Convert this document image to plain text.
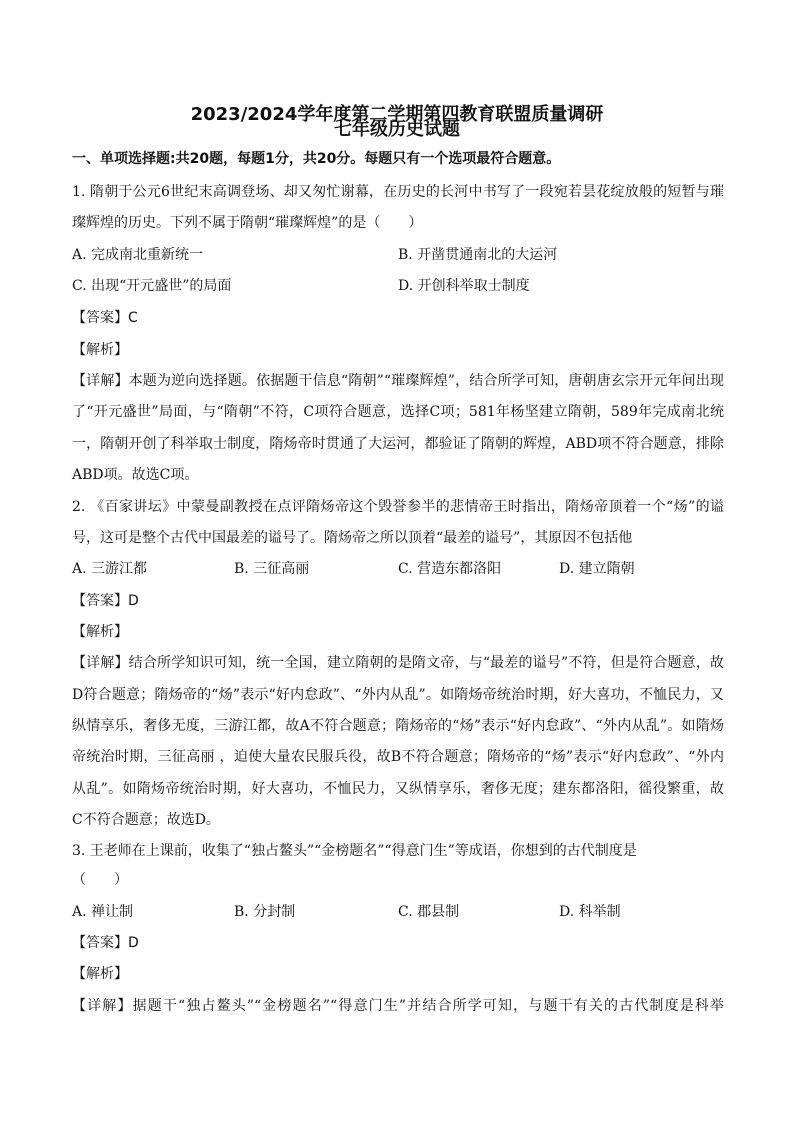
2023/2024学年度第二学期第四教育联盟质量调研
七年级历史试题
一、单项选择题:共20题，每题1分，共20分。每题只有一个选项最符合题意。
1. 隋朝于公元6世纪末高调登场、却又匆忙谢幕，在历史的长河中书写了一段宛若昙花绽放般的短暂与璀
璨辉煌的历史。下列不属于隋朝“璀璨辉煌”的是（　　）
A. 完成南北重新统一	B. 开凿贯通南北的大运河
C. 出现“开元盛世”的局面	D. 开创科举取士制度
【答案】C
【解析】
【详解】本题为逆向选择题。依据题干信息“隋朝”“璀璨辉煌”，结合所学可知，唐朝唐玄宗开元年间出现
了“开元盛世”局面，与“隋朝”不符，C项符合题意，选择C项；581年杨坚建立隋朝，589年完成南北统
一，隋朝开创了科举取士制度，隋炀帝时贯通了大运河，都验证了隋朝的辉煌，ABD项不符合题意，排除
ABD项。故选C项。
2. 《百家讲坛》中蒙曼副教授在点评隋炀帝这个毁誉参半的悲情帝王时指出，隋炀帝顶着一个“炀”的谥
号，这可是整个古代中国最差的谥号了。隋炀帝之所以顶着“最差的谥号”，其原因不包括他
A. 三游江都	B. 三征高丽	C. 营造东都洛阳	D. 建立隋朝
【答案】D
【解析】
【详解】结合所学知识可知，统一全国，建立隋朝的是隋文帝，与“最差的谥号”不符，但是符合题意，故
D符合题意；隋炀帝的“炀”表示“好内怠政”、“外内从乱”。如隋炀帝统治时期，好大喜功，不恤民力，又
纵情享乐，奢侈无度，三游江都，故A不符合题意；隋炀帝的“炀”表示“好内怠政”、“外内从乱”。如隋炀
帝统治时期，三征高丽 ，迫使大量农民服兵役，故B不符合题意；隋炀帝的“炀”表示“好内怠政”、“外内
从乱”。如隋炀帝统治时期，好大喜功，不恤民力，又纵情享乐，奢侈无度；建东都洛阳，徭役繁重，故
C不符合题意；故选D。
3. 王老师在上课前，收集了“独占鳌头”“金榜题名”“得意门生”等成语，你想到的古代制度是
（　　）
A. 禅让制	B. 分封制	C. 郡县制	D. 科举制
【答案】D
【解析】
【详解】据题干“独占鳌头”“金榜题名”“得意门生”并结合所学可知，与题干有关的古代制度是科举
